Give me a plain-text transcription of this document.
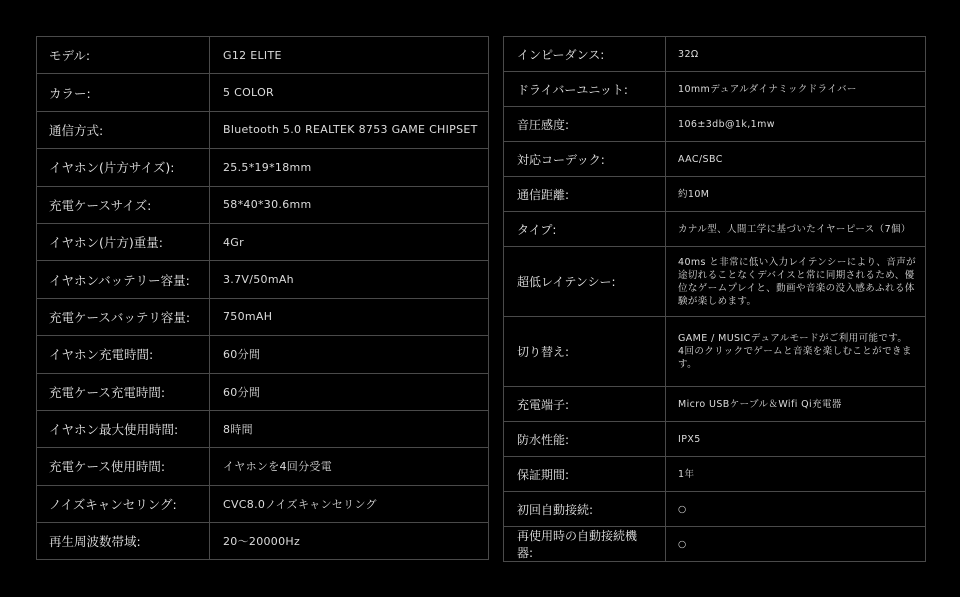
モデル:	G12 ELITE
カラー:	5 COLOR
通信方式:	Bluetooth 5.0 REALTEK 8753 GAME CHIPSET
イヤホン(片方サイズ):	25.5*19*18mm
充電ケースサイズ:	58*40*30.6mm
イヤホン(片方)重量:	4Gr
イヤホンバッテリー容量:	3.7V/50mAh
充電ケースバッテリ容量:	750mAH
イヤホン充電時間:	60分間
充電ケース充電時間:	60分間
イヤホン最大使用時間:	8時間
充電ケース使用時間:	イヤホンを4回分受電
ノイズキャンセリング:	CVC8.0ノイズキャンセリング
再生周波数帯域:	20～20000Hz
インピーダンス:	32Ω
ドライバーユニット:	10mmデュアルダイナミックドライバー
音圧感度:	106±3db@1k,1mw
対応コーデック:	AAC/SBC
通信距離:	約10M
タイプ:	カナル型、人間工学に基づいたイヤーピース（7個）
超低レイテンシー:	40ms と非常に低い入力レイテンシーにより、音声が途切れることなくデバイスと常に同期されるため、優位なゲームプレイと、動画や音楽の没入感あふれる体験が楽しめます。
切り替え:	GAME / MUSICデュアルモードがご利用可能です。
4回のクリックでゲームと音楽を楽しむことができます。
充電端子:	Micro USBケーブル＆Wifi Qi充電器
防水性能:	IPX5
保証期間:	1年
初回自動接続:	○
再使用時の自動接続機器:	○
